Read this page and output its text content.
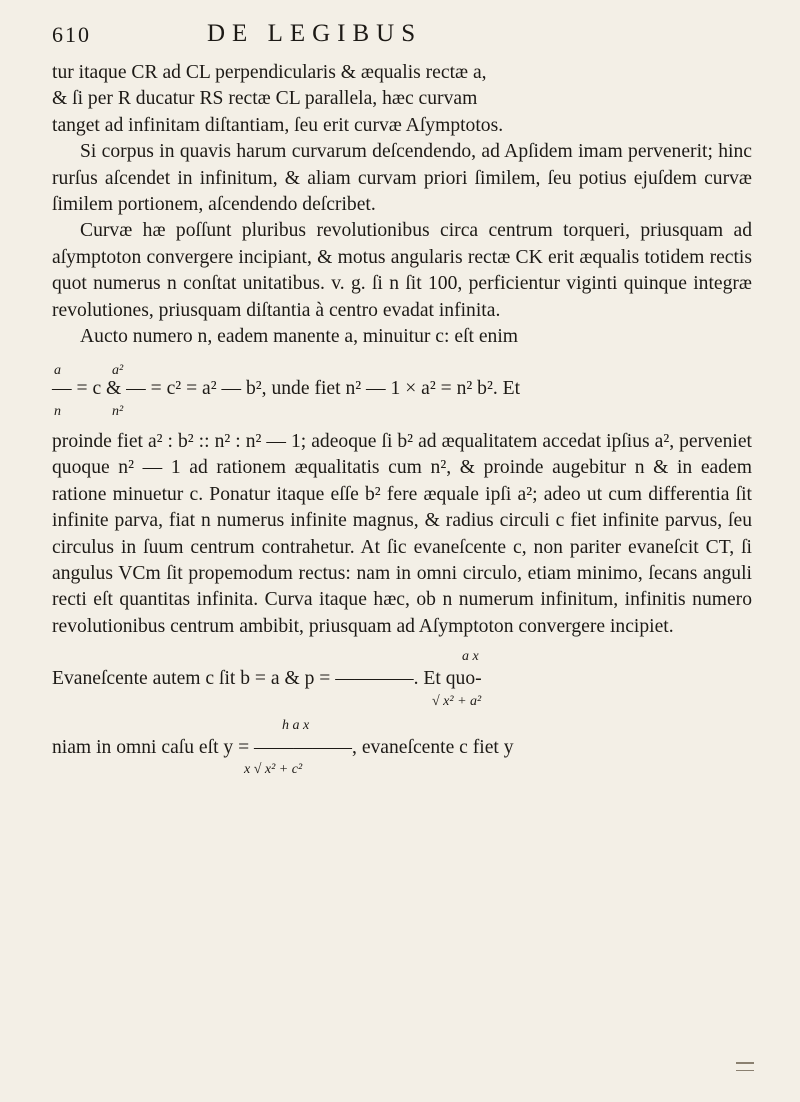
610	DE LEGIBUS

tur itaque CR ad CL perpendicularis & æqualis rectæ a,

& ſi per R ducatur RS rectæ CL parallela, hæc curvam

tanget ad infinitam diſtantiam, ſeu erit curvæ Aſymptotos.

Si corpus in quavis harum curvarum deſcendendo, ad Apſidem imam pervenerit; hinc rurſus aſcendet in infinitum, & aliam curvam priori ſimilem, ſeu potius ejuſdem curvæ ſimilem portionem, aſcendendo deſcribet.

Curvæ hæ poſſunt pluribus revolutionibus circa centrum torqueri, priusquam ad aſymptoton convergere incipiant, & motus angularis rectæ CK erit æqualis totidem rectis quot numerus n conſtat unitatibus. v. g. ſi n ſit 100, perficientur viginti quinque integræ revolutiones, priusquam diſtantia à centro evadat infinita.

Aucto numero n, eadem manente a, minuitur c: eſt enim

a	a²

— = c & — = c² = a² — b², unde fiet n² — 1 × a² = n² b². Et

n	n²

proinde fiet a² : b² :: n² : n² — 1; adeoque ſi b² ad æqualitatem accedat ipſius a², perveniet quoque n² — 1 ad rationem æqualitatis cum n², & proinde augebitur n & in eadem ratione minuetur c. Ponatur itaque eſſe b² fere æquale ipſi a²; adeo ut cum differentia ſit infinite parva, fiat n numerus infinite magnus, & radius circuli c fiet infinite parvus, ſeu circulus in ſuum centrum contrahetur. At ſic evaneſcente c, non pariter evaneſcit CT, ſi angulus VCm ſit propemodum rectus: nam in omni circulo, etiam minimo, ſecans anguli recti eſt quantitas infinita. Curva itaque hæc, ob n numerum infinitum, infinitis numero revolutionibus centrum ambibit, priusquam ad Aſymptoton convergere incipiet.

a x

Evaneſcente autem c ſit b = a & p = ————. Et quo-

√ x² + a²
h a x

niam in omni caſu eſt y = —————, evaneſcente c fiet y

x √ x² + c²
